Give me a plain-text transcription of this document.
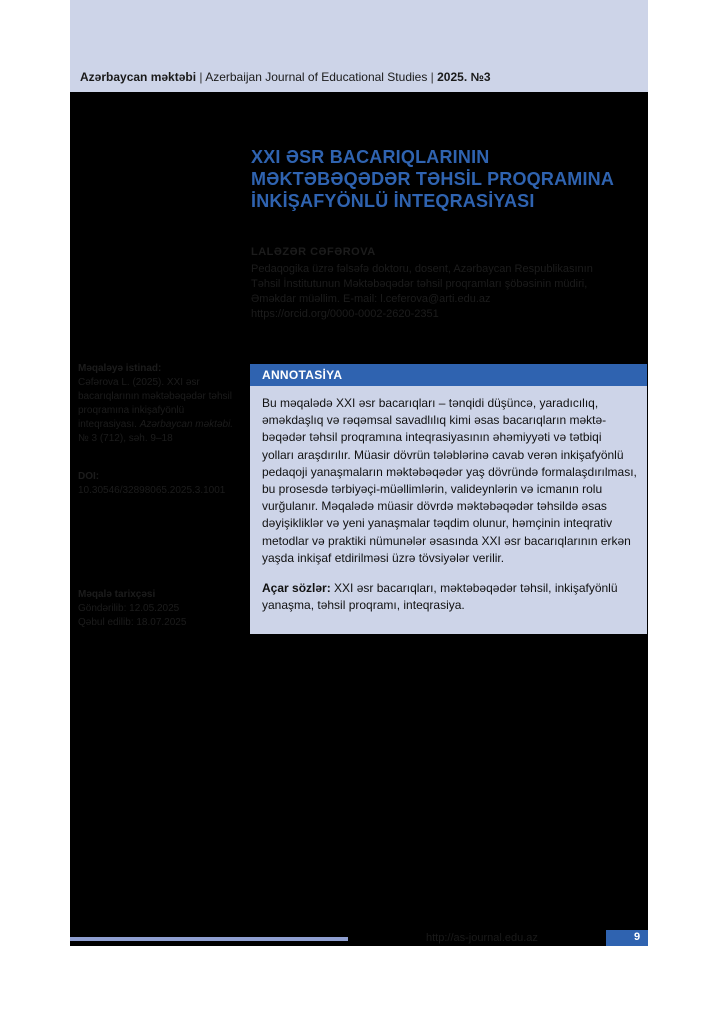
Azərbaycan məktəbi | Azerbaijan Journal of Educational Studies | 2025. №3
XXI ƏSR BACARIQLARININ
MƏKTƏBƏQƏDƏR TƏHSİL PROQRAMINA
İNKİŞAFYÖNLÜ İNTEQRASİYASI
LALƏZƏR CƏFƏROVA
Pedaqogika üzrə fəlsəfə doktoru, dosent, Azərbaycan Respublikasının
Təhsil İnstitutunun Məktəbəqədər təhsil proqramları şöbəsinin müdiri,
Əməkdar müəllim. E-mail: l.ceferova@arti.edu.az
https://orcid.org/0000-0002-2620-2351
Məqaləyə istinad:
Cəfərova L. (2025). XXI əsr
bacarıqlarının məktəbəqədər təhsil
proqramına inkişafyönlü
inteqrasiyası. Azərbaycan məktəbi.
№ 3 (712), səh. 9–18
DOI:
10.30546/32898065.2025.3.1001
Məqalə tarixçəsi
Göndərilib: 12.05.2025
Qəbul edilib: 18.07.2025
ANNOTASİYA
Bu məqalədə XXI əsr bacarıqları – tənqidi düşüncə, yaradıcılıq,
əməkdaşlıq və rəqəmsal savadlılıq kimi əsas bacarıqların məktə-
bəqədər təhsil proqramına inteqrasiyasının əhəmiyyəti və tətbiqi
yolları araşdırılır. Müasir dövrün tələblərinə cavab verən inkişafyönlü
pedaqoji yanaşmaların məktəbəqədər yaş dövründə formalaşdırılması,
bu prosesdə tərbiyəçi-müəllimlərin, valideynlərin və icmanın rolu
vurğulanır. Məqalədə müasir dövrdə məktəbəqədər təhsildə əsas
dəyişikliklər və yeni yanaşmalar təqdim olunur, həmçinin inteqrativ
metodlar və praktiki nümunələr əsasında XXI əsr bacarıqlarının erkən
yaşda inkişaf etdirilməsi üzrə tövsiyələr verilir.
Açar sözlər: XXI əsr bacarıqları, məktəbəqədər təhsil, inkişafyönlü
yanaşma, təhsil proqramı, inteqrasiya.
http://as-journal.edu.az	9
